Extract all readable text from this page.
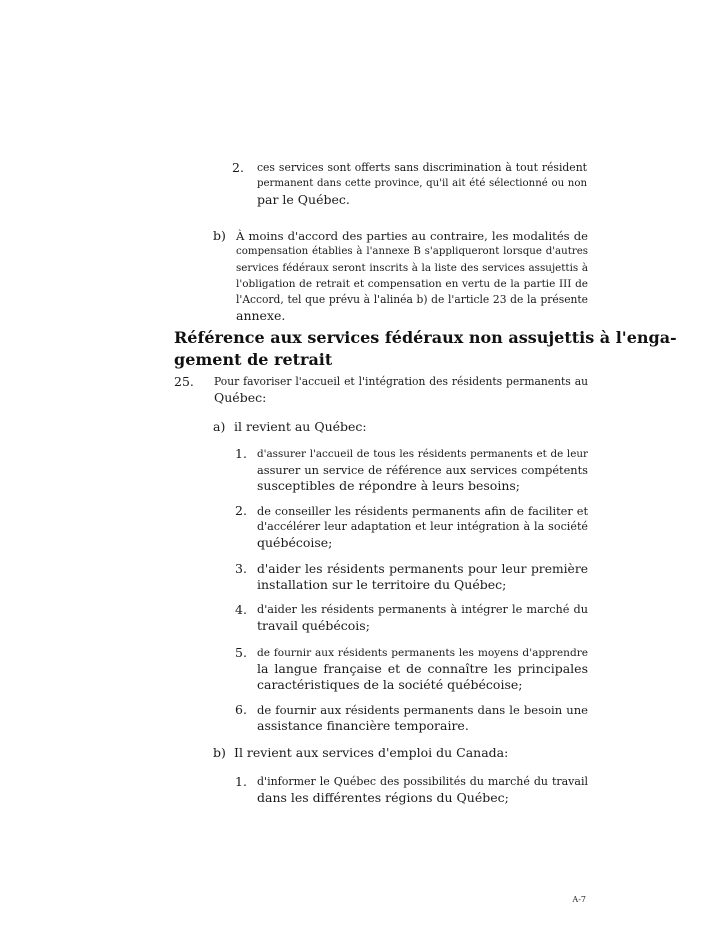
2. ces services sont offerts sans discrimination à tout résident
permanent dans cette province, qu'il ait été sélectionné ou non
par le Québec.
b) À moins d'accord des parties au contraire, les modalités de
compensation établies à l'annexe B s'appliqueront lorsque d'autres
services fédéraux seront inscrits à la liste des services assujettis à
l'obligation de retrait et compensation en vertu de la partie III de
l'Accord, tel que prévu à l'alinéa b) de l'article 23 de la présente
annexe.
Référence aux services fédéraux non assujettis à l'enga-
gement de retrait
25. Pour favoriser l'accueil et l'intégration des résidents permanents au
Québec:
a) il revient au Québec:
1. d'assurer l'accueil de tous les résidents permanents et de leur
assurer un service de référence aux services compétents
susceptibles de répondre à leurs besoins;
2. de conseiller les résidents permanents afin de faciliter et
d'accélérer leur adaptation et leur intégration à la société
québécoise;
3. d'aider les résidents permanents pour leur première
installation sur le territoire du Québec;
4. d'aider les résidents permanents à intégrer le marché du
travail québécois;
5. de fournir aux résidents permanents les moyens d'apprendre
la langue française et de connaître les principales
caractéristiques de la société québécoise;
6. de fournir aux résidents permanents dans le besoin une
assistance financière temporaire.
b) Il revient aux services d'emploi du Canada:
1. d'informer le Québec des possibilités du marché du travail
dans les différentes régions du Québec;
A-7
